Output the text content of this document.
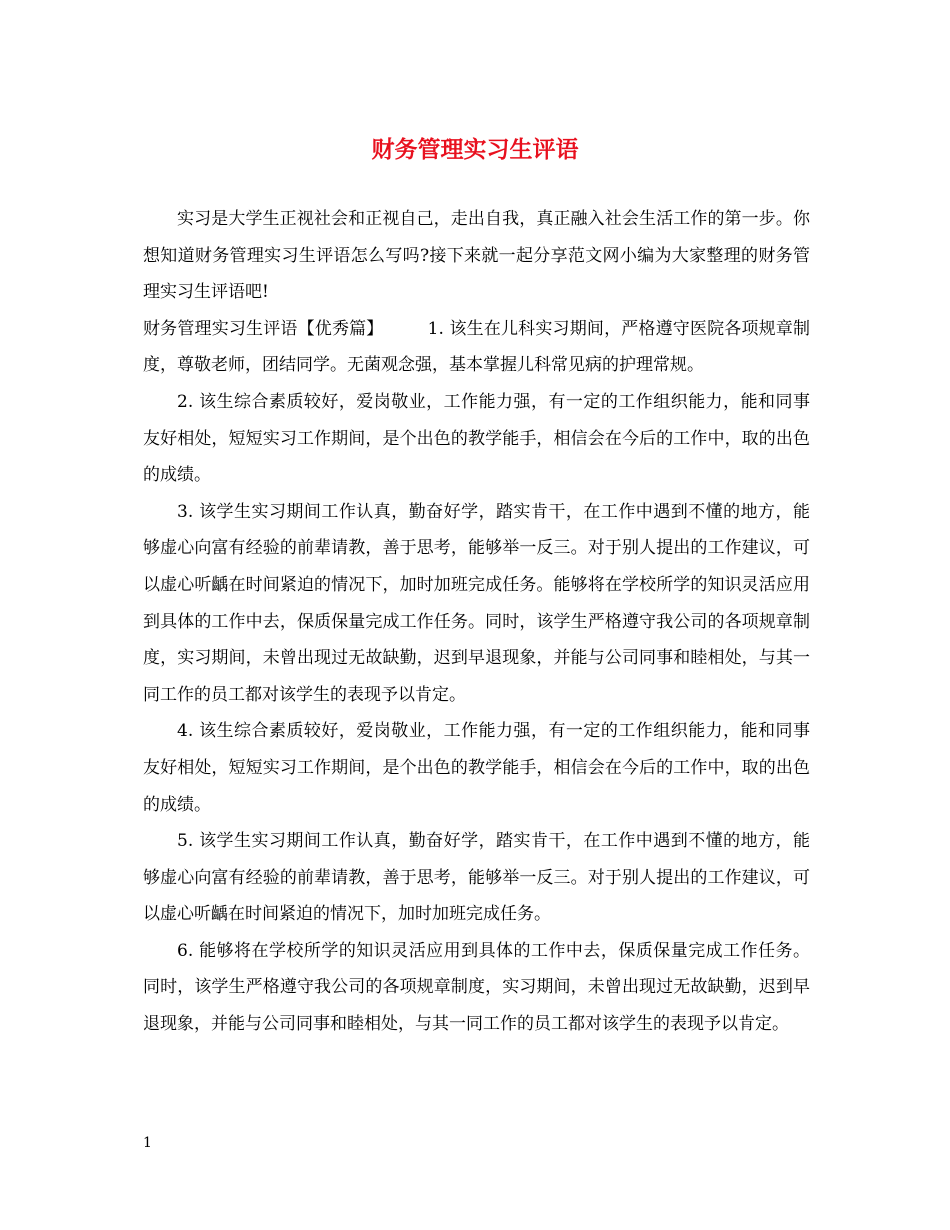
财务管理实习生评语

实习是大学生正视社会和正视自己，走出自我，真正融入社会生活工作的第一步。你想知道财务管理实习生评语怎么写吗?接下来就一起分享范文网小编为大家整理的财务管理实习生评语吧!

财务管理实习生评语【优秀篇】	1. 该生在儿科实习期间，严格遵守医院各项规章制度，尊敬老师，团结同学。无菌观念强，基本掌握儿科常见病的护理常规。

2. 该生综合素质较好，爱岗敬业，工作能力强，有一定的工作组织能力，能和同事友好相处，短短实习工作期间，是个出色的教学能手，相信会在今后的工作中，取的出色的成绩。

3. 该学生实习期间工作认真，勤奋好学，踏实肯干，在工作中遇到不懂的地方，能够虚心向富有经验的前辈请教，善于思考，能够举一反三。对于别人提出的工作建议，可以虚心听齲在时间紧迫的情况下，加时加班完成任务。能够将在学校所学的知识灵活应用到具体的工作中去，保质保量完成工作任务。同时，该学生严格遵守我公司的各项规章制度，实习期间，未曾出现过无故缺勤，迟到早退现象，并能与公司同事和睦相处，与其一同工作的员工都对该学生的表现予以肯定。

4. 该生综合素质较好，爱岗敬业，工作能力强，有一定的工作组织能力，能和同事友好相处，短短实习工作期间，是个出色的教学能手，相信会在今后的工作中，取的出色的成绩。

5. 该学生实习期间工作认真，勤奋好学，踏实肯干，在工作中遇到不懂的地方，能够虚心向富有经验的前辈请教，善于思考，能够举一反三。对于别人提出的工作建议，可以虚心听齲在时间紧迫的情况下，加时加班完成任务。

6. 能够将在学校所学的知识灵活应用到具体的工作中去，保质保量完成工作任务。同时，该学生严格遵守我公司的各项规章制度，实习期间，未曾出现过无故缺勤，迟到早退现象，并能与公司同事和睦相处，与其一同工作的员工都对该学生的表现予以肯定。

1
